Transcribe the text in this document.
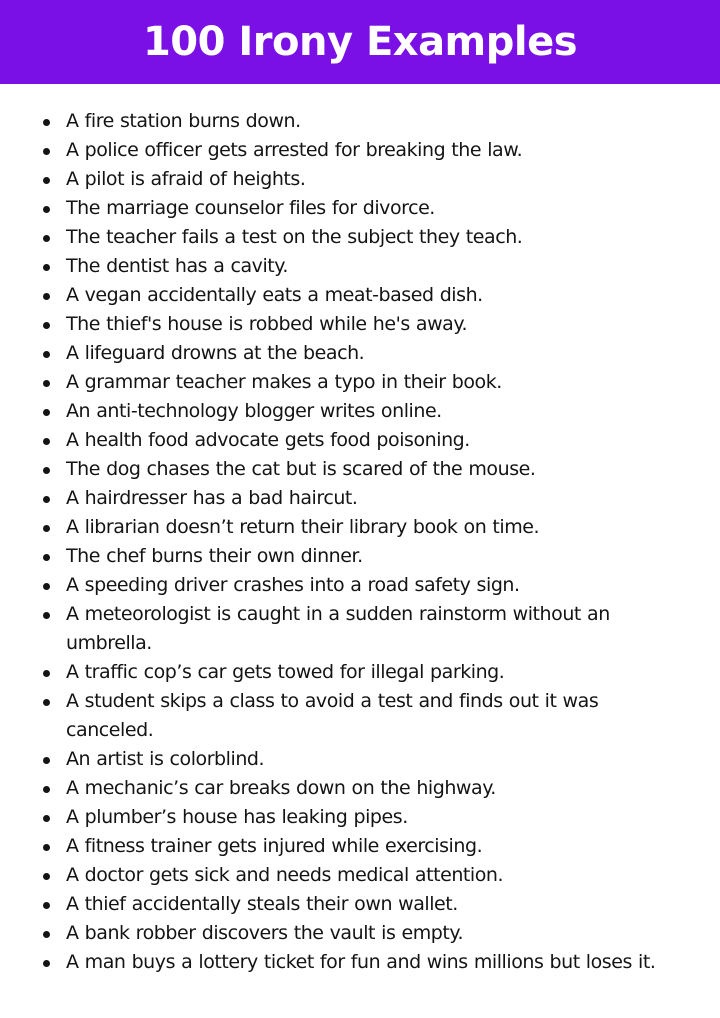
100 Irony Examples
A fire station burns down.
A police officer gets arrested for breaking the law.
A pilot is afraid of heights.
The marriage counselor files for divorce.
The teacher fails a test on the subject they teach.
The dentist has a cavity.
A vegan accidentally eats a meat-based dish.
The thief's house is robbed while he's away.
A lifeguard drowns at the beach.
A grammar teacher makes a typo in their book.
An anti-technology blogger writes online.
A health food advocate gets food poisoning.
The dog chases the cat but is scared of the mouse.
A hairdresser has a bad haircut.
A librarian doesn’t return their library book on time.
The chef burns their own dinner.
A speeding driver crashes into a road safety sign.
A meteorologist is caught in a sudden rainstorm without an umbrella.
A traffic cop’s car gets towed for illegal parking.
A student skips a class to avoid a test and finds out it was canceled.
An artist is colorblind.
A mechanic’s car breaks down on the highway.
A plumber’s house has leaking pipes.
A fitness trainer gets injured while exercising.
A doctor gets sick and needs medical attention.
A thief accidentally steals their own wallet.
A bank robber discovers the vault is empty.
A man buys a lottery ticket for fun and wins millions but loses it.
